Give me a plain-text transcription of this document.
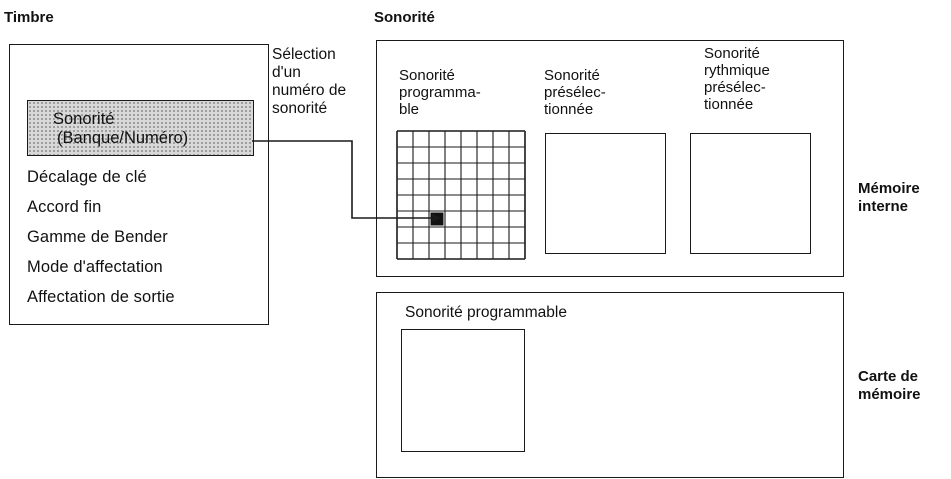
Timbre	Sonorité
Sonorité
(Banque/Numéro)
Décalage de clé
Accord fin
Gamme de Bender
Mode d'affectation
Affectation de sortie
Sélection
d'un
numéro de
sonorité
Sonorité
programma-
ble
Sonorité
présélec-
tionnée
Sonorité
rythmique
présélec-
tionnée
Sonorité programmable
Mémoire
interne
Carte de
mémoire
